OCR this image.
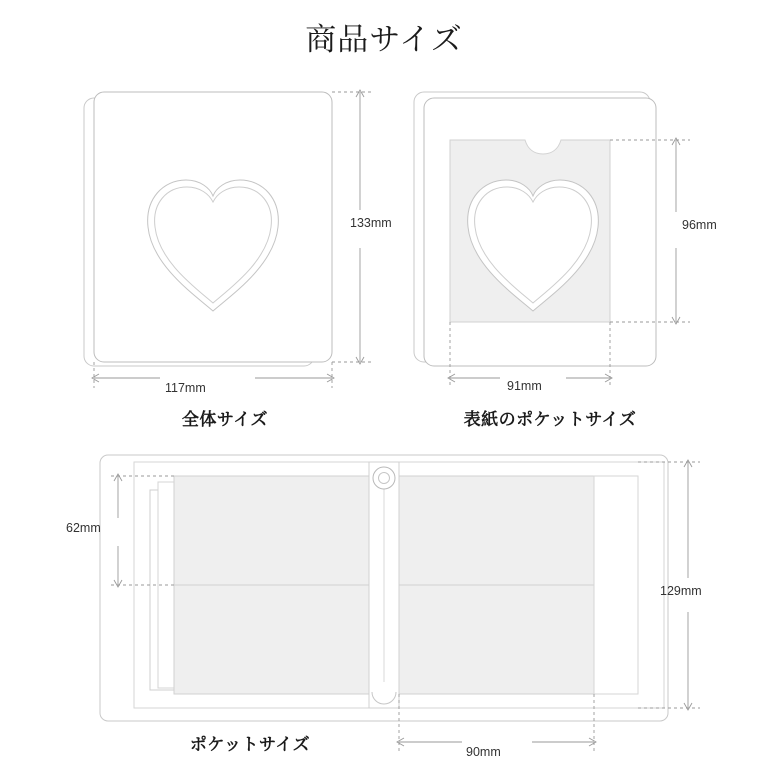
商品サイズ
133mm
117mm
96mm
91mm
62mm
129mm
90mm
全体サイズ	表紙のポケットサイズ
ポケットサイズ
